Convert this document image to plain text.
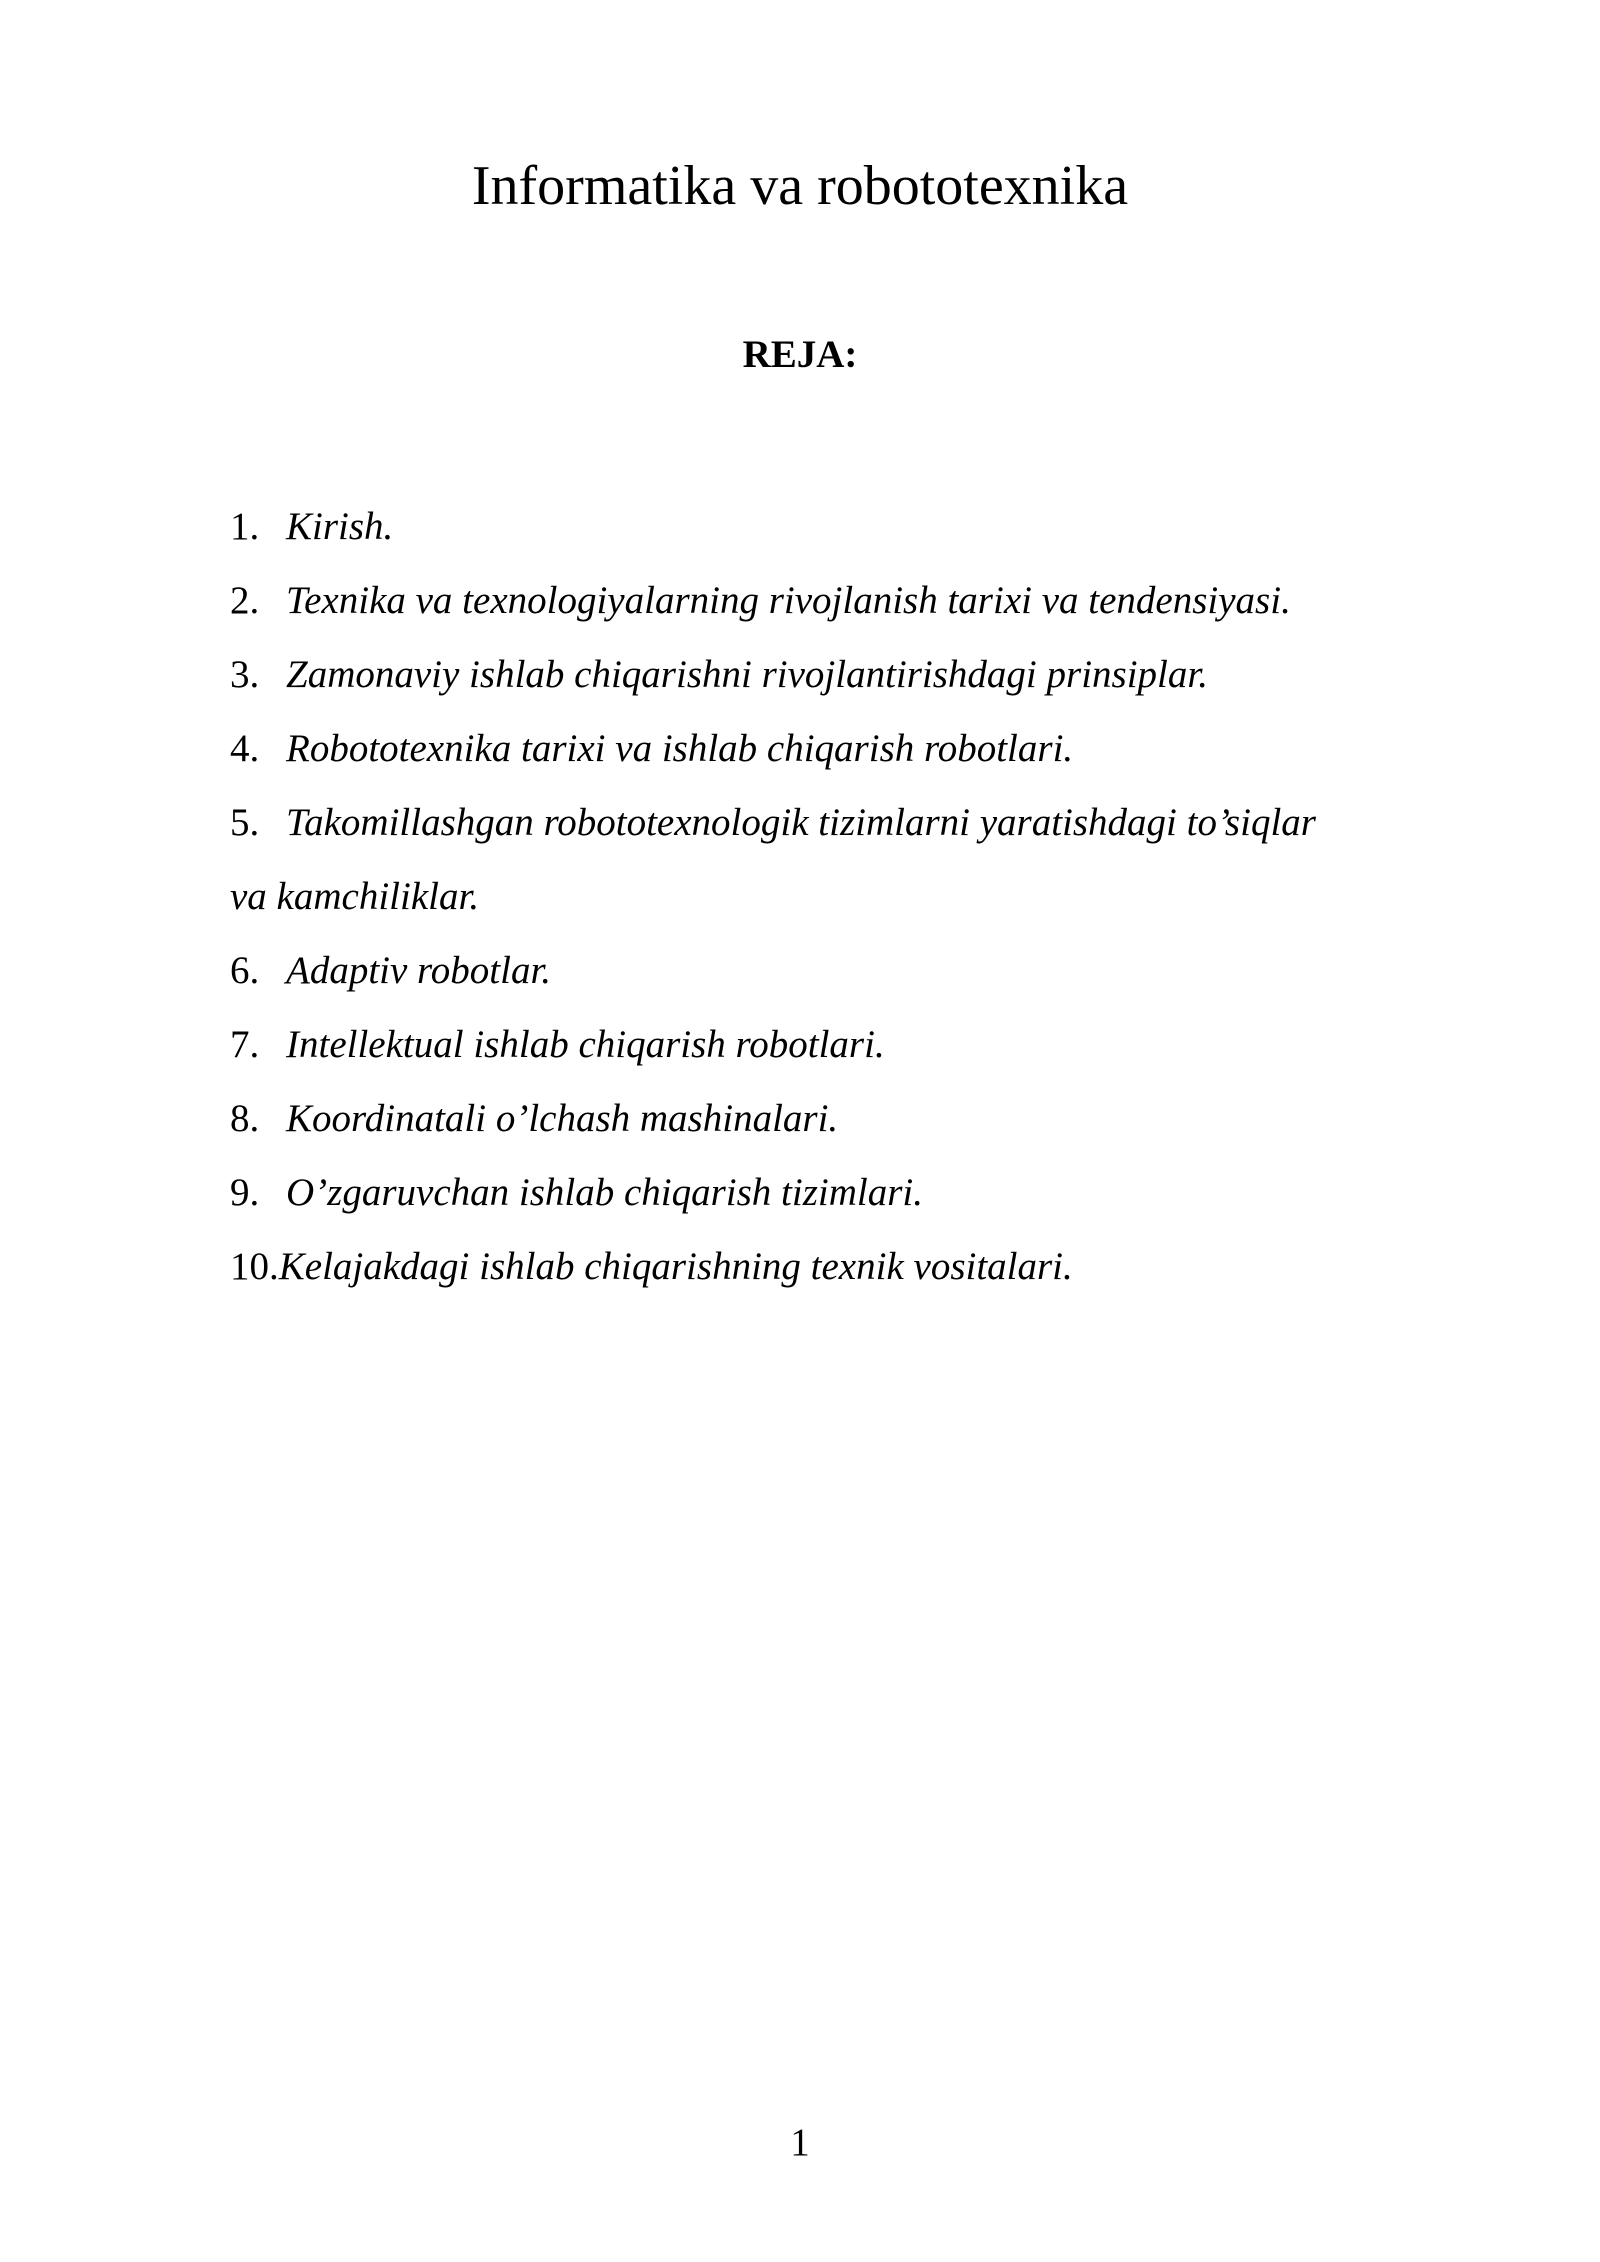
Informatika va robototexnika
REJA:
1. Kirish.
2. Texnika va texnologiyalarning rivojlanish tarixi va tendensiyasi.
3. Zamonaviy ishlab chiqarishni rivojlantirishdagi prinsiplar.
4. Robototexnika tarixi va ishlab chiqarish robotlari.
5. Takomillashgan robototexnologik tizimlarni yaratishdagi to’siqlar
va kamchiliklar.
6. Adaptiv robotlar.
7. Intellektual ishlab chiqarish robotlari.
8. Koordinatali o’lchash mashinalari.
9. O’zgaruvchan ishlab chiqarish tizimlari.
10.Kelajakdagi ishlab chiqarishning texnik vositalari.
1
